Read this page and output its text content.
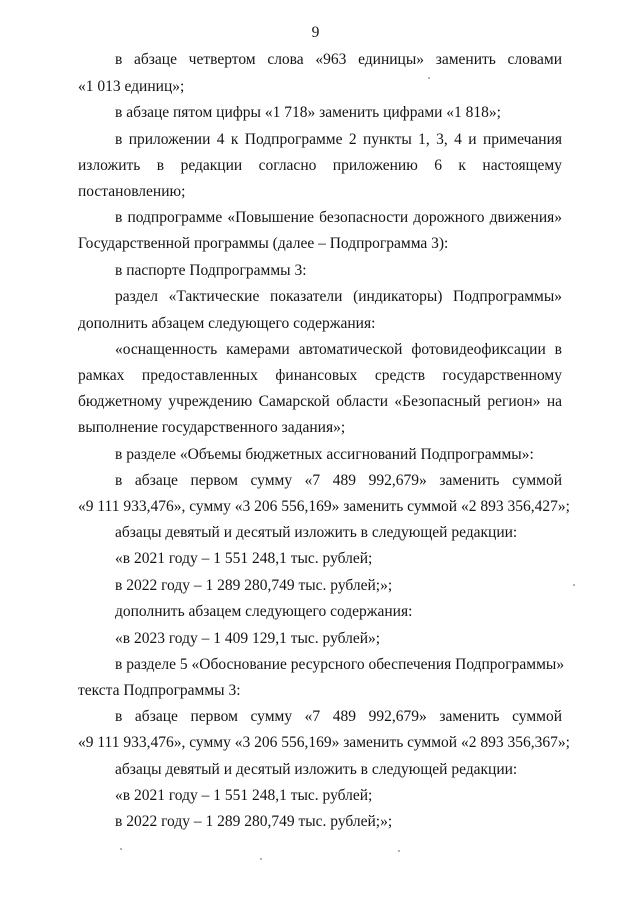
9
в абзаце четвертом слова «963 единицы» заменить словами
«1 013 единиц»;
в абзаце пятом цифры «1 718» заменить цифрами «1 818»;
в приложении 4 к Подпрограмме 2 пункты 1, 3, 4 и примечания
изложить в редакции согласно приложению 6 к настоящему
постановлению;
в подпрограмме «Повышение безопасности дорожного движения»
Государственной программы (далее – Подпрограмма 3):
в паспорте Подпрограммы 3:
раздел «Тактические показатели (индикаторы) Подпрограммы»
дополнить абзацем следующего содержания:
«оснащенность камерами автоматической фотовидеофиксации в
рамках предоставленных финансовых средств государственному
бюджетному учреждению Самарской области «Безопасный регион» на
выполнение государственного задания»;
в разделе «Объемы бюджетных ассигнований Подпрограммы»:
в абзаце первом сумму «7 489 992,679» заменить суммой
«9 111 933,476», сумму «3 206 556,169» заменить суммой «2 893 356,427»;
абзацы девятый и десятый изложить в следующей редакции:
«в 2021 году – 1 551 248,1 тыс. рублей;
в 2022 году – 1 289 280,749 тыс. рублей;»;
дополнить абзацем следующего содержания:
«в 2023 году – 1 409 129,1 тыс. рублей»;
в разделе 5 «Обоснование ресурсного обеспечения Подпрограммы»
текста Подпрограммы 3:
в абзаце первом сумму «7 489 992,679» заменить суммой
«9 111 933,476», сумму «3 206 556,169» заменить суммой «2 893 356,367»;
абзацы девятый и десятый изложить в следующей редакции:
«в 2021 году – 1 551 248,1 тыс. рублей;
в 2022 году – 1 289 280,749 тыс. рублей;»;
